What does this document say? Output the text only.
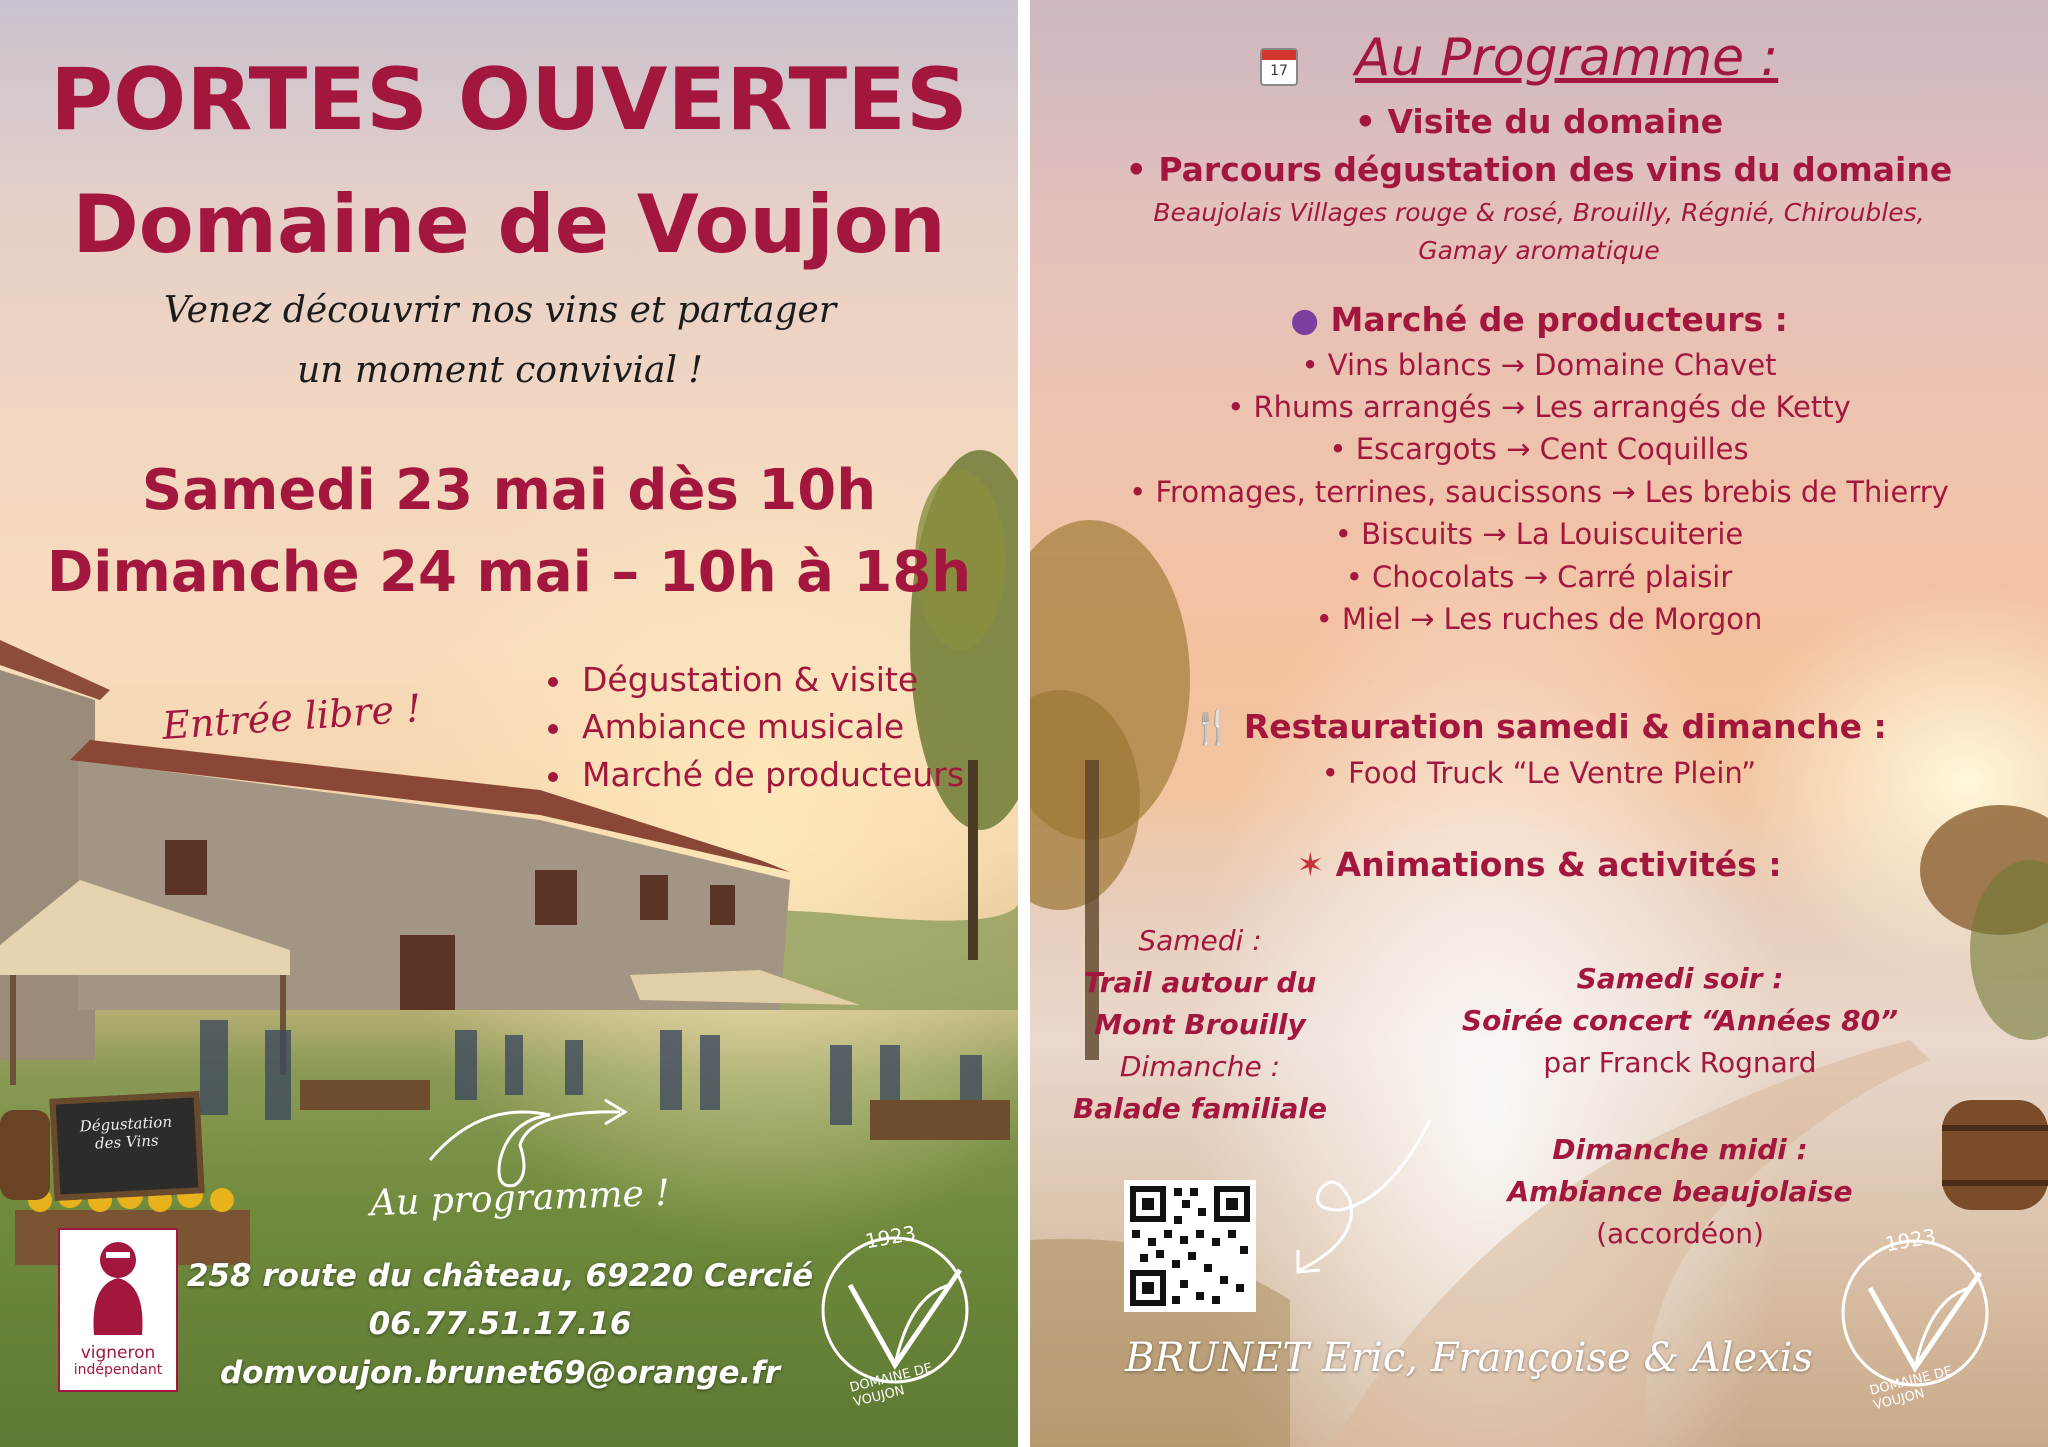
Dégustation
des Vins
PORTES OUVERTES
Domaine de Voujon
Venez découvrir nos vins et partager
un moment convivial !
Samedi 23 mai dès 10h
Dimanche 24 mai – 10h à 18h
Entrée libre !
Dégustation & visite
Ambiance musicale
Marché de producteurs
Au programme !
258 route du château, 69220 Cercié
06.77.51.17.16
domvoujon.brunet69@orange.fr
vigneron
indépendant
1923
DOMAINE DE VOUJON
17 Au Programme :
• Visite du domaine
• Parcours dégustation des vins du domaine
Beaujolais Villages rouge & rosé, Brouilly, Régnié, Chiroubles,
Gamay aromatique
● Marché de producteurs :
• Vins blancs → Domaine Chavet
• Rhums arrangés → Les arrangés de Ketty
• Escargots → Cent Coquilles
• Fromages, terrines, saucissons → Les brebis de Thierry
• Biscuits → La Louiscuiterie
• Chocolats → Carré plaisir
• Miel → Les ruches de Morgon
🍴 Restauration samedi & dimanche :
• Food Truck “Le Ventre Plein”
✶ Animations & activités :
Samedi :
Trail autour du
Mont Brouilly
Dimanche :
Balade familiale
Samedi soir :
Soirée concert “Années 80”
par Franck Rognard
Dimanche midi :
Ambiance beaujolaise
(accordéon)
BRUNET Eric, Françoise & Alexis
1923
DOMAINE DE VOUJON
